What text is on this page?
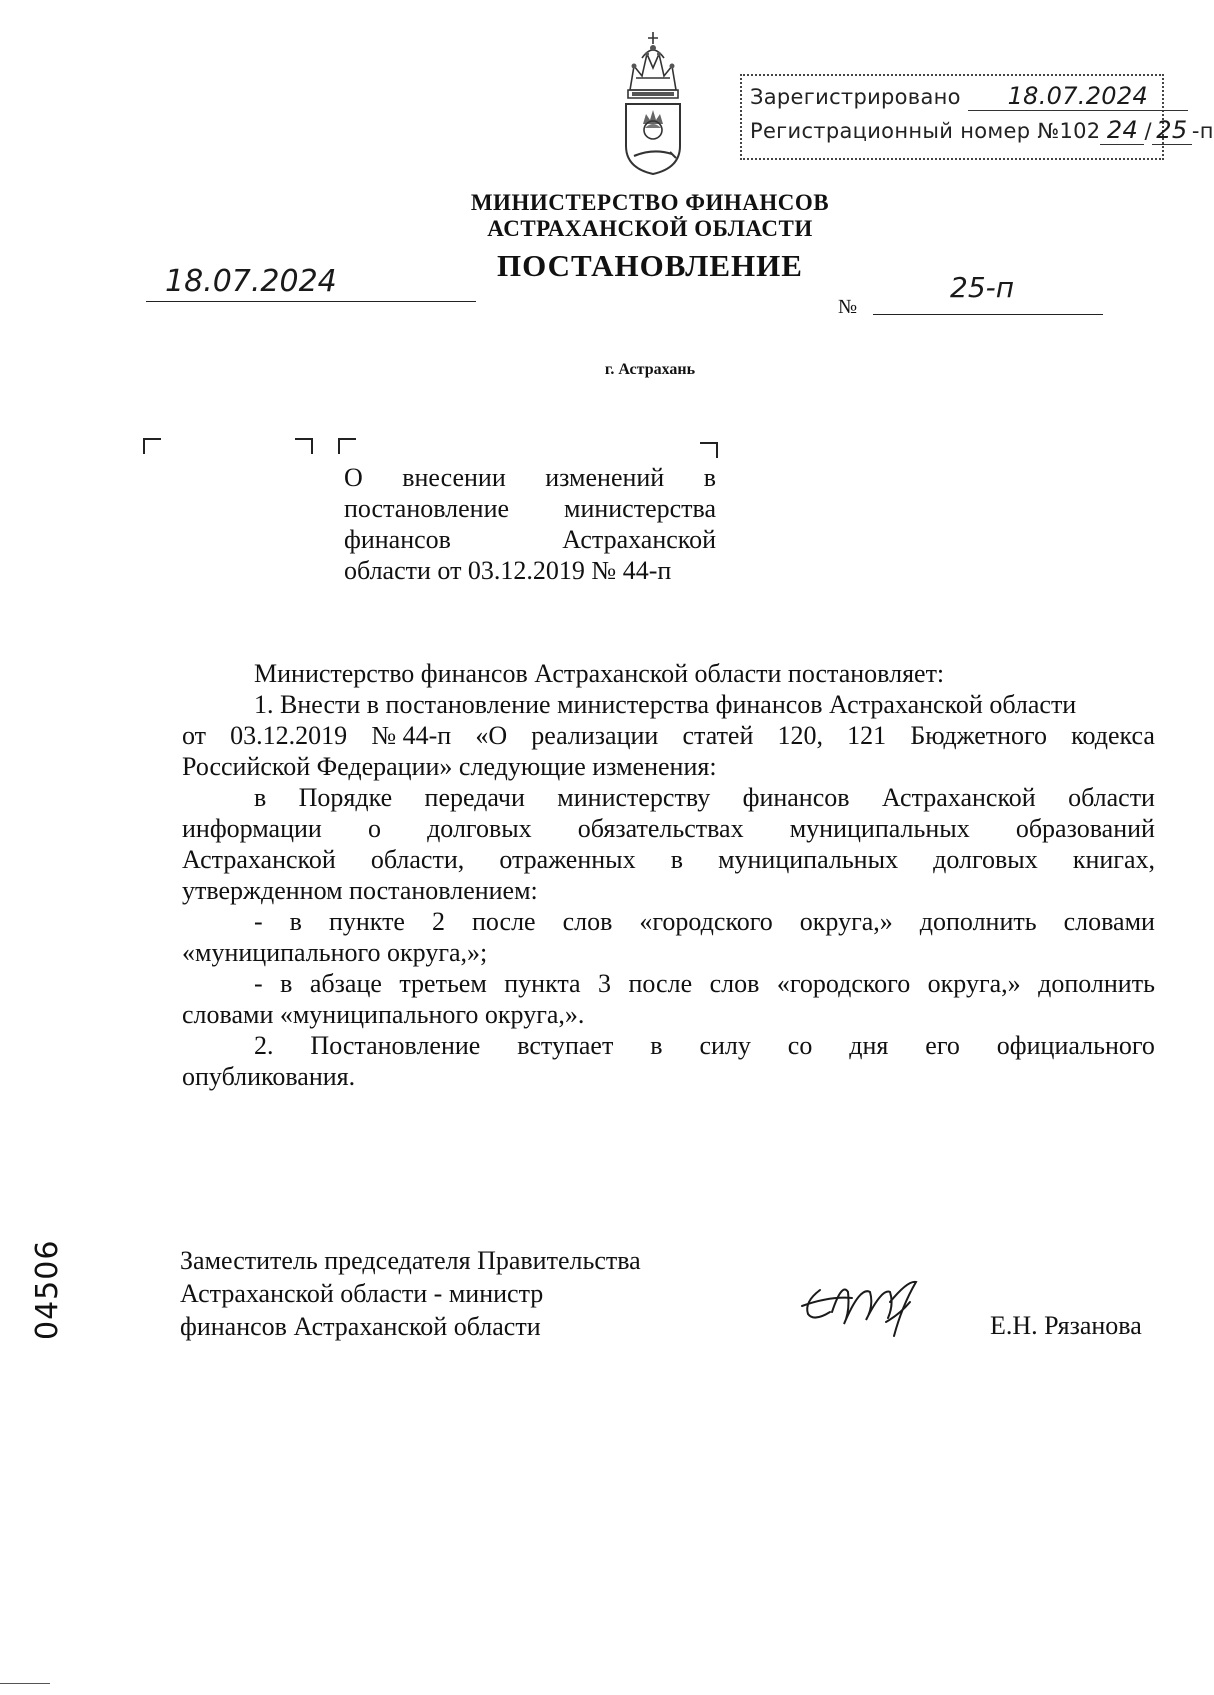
Зарегистрировано 18.07.2024
Регистрационный номер №102 24 / 25 -п
МИНИСТЕРСТВО ФИНАНСОВ
АСТРАХАНСКОЙ ОБЛАСТИ
ПОСТАНОВЛЕНИЕ
18.07.2024
№
25-п
г. Астрахань
О внесении изменений в
постановление министерства
финансов	Астраханской
области от 03.12.2019 № 44-п
Министерство финансов Астраханской области постановляет:
1. Внести в постановление министерства финансов Астраханской области
от 03.12.2019 № 44-п «О реализации статей 120, 121 Бюджетного кодекса
Российской Федерации» следующие изменения:
в Порядке передачи министерству финансов Астраханской области
информации о долговых обязательствах муниципальных образований
Астраханской области, отраженных в муниципальных долговых книгах,
утвержденном постановлением:
- в пункте 2 после слов «городского округа,» дополнить словами
«муниципального округа,»;
- в абзаце третьем пункта 3 после слов «городского округа,» дополнить
словами «муниципального округа,».
2. Постановление вступает в силу со дня его официального
опубликования.
Заместитель председателя Правительства
Астраханской области - министр
финансов Астраханской области	Е.Н. Рязанова
04506
